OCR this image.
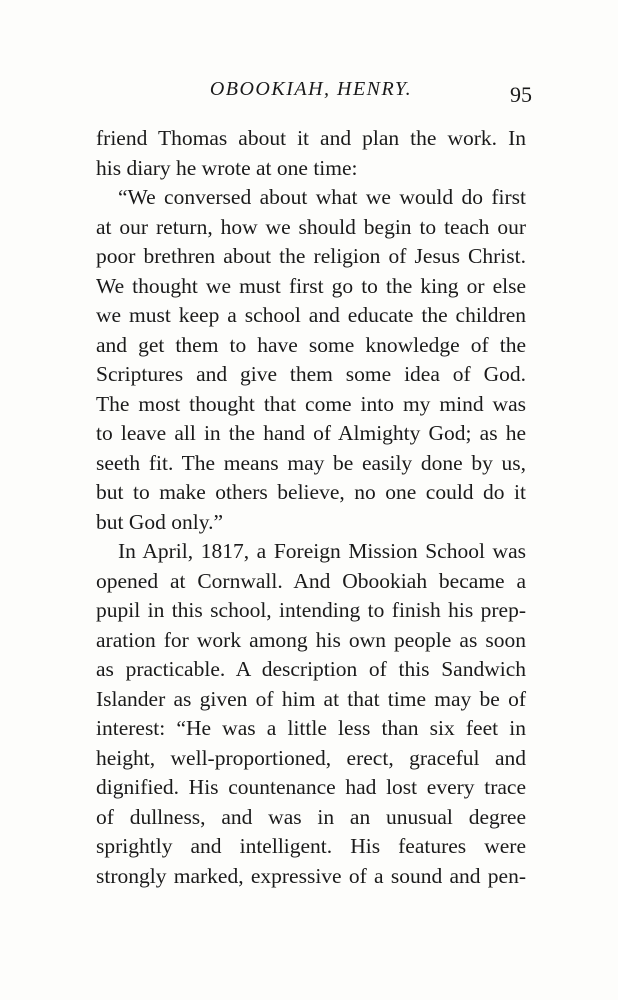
OBOOKIAH, HENRY.	95
friend Thomas about it and plan the work. In
his diary he wrote at one time:
“We conversed about what we would do first
at our return, how we should begin to teach our
poor brethren about the religion of Jesus Christ.
We thought we must first go to the king or else
we must keep a school and educate the children
and get them to have some knowledge of the
Scriptures and give them some idea of God.
The most thought that come into my mind was
to leave all in the hand of Almighty God; as he
seeth fit. The means may be easily done by us,
but to make others believe, no one could do it
but God only.”
In April, 1817, a Foreign Mission School was
opened at Cornwall. And Obookiah became a
pupil in this school, intending to finish his prep-
aration for work among his own people as soon
as practicable. A description of this Sandwich
Islander as given of him at that time may be of
interest: “He was a little less than six feet in
height, well-proportioned, erect, graceful and
dignified. His countenance had lost every trace
of dullness, and was in an unusual degree
sprightly and intelligent. His features were
strongly marked, expressive of a sound and pen-
